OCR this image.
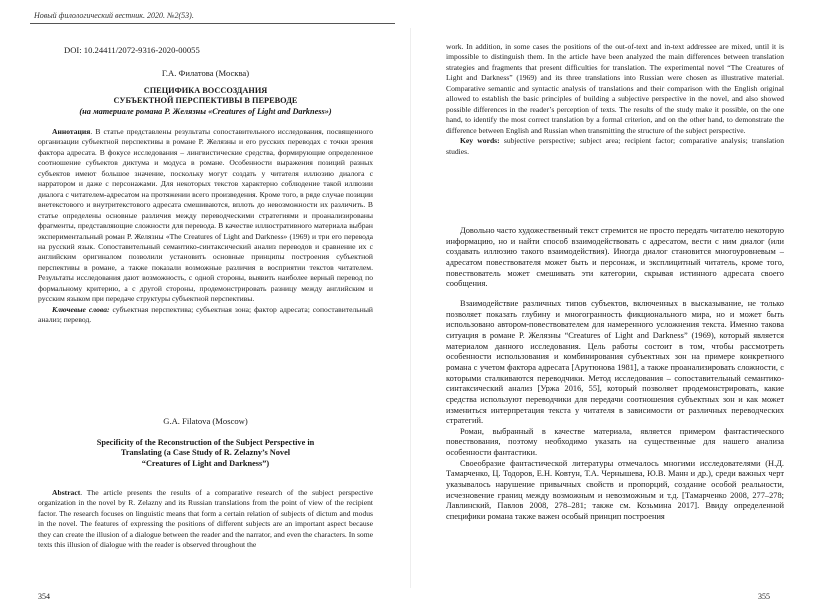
Новый филологический вестник. 2020. №2(53).
DOI: 10.24411/2072-9316-2020-00055
Г.А. Филатова (Москва)
СПЕЦИФИКА ВОССОЗДАНИЯ
СУБЪЕКТНОЙ ПЕРСПЕКТИВЫ В ПЕРЕВОДЕ
(на материале романа Р. Желязны «Creatures of Light and Darkness»)

Аннотация. В статье представлены результаты сопоставительного исследования, посвященного организации субъектной перспективы в романе Р. Желязны и его русских переводах с точки зрения фактора адресата. В фокусе исследования – лингвистические средства, формирующие определенное соотношение субъектов диктума и модуса в романе. Особенности выражения позиций разных субъектов имеют большое значение, поскольку могут создать у читателя иллюзию диалога с нарратором и даже с персонажами. Для некоторых текстов характерно соблюдение такой иллюзии диалога с читателем-адресатом на протяжении всего произведения. Кроме того, в ряде случае позиции внетекстового и внутритекстового адресата смешиваются, вплоть до невозможности их различить. В статье определены основные различия между переводческими стратегиями и проанализированы фрагменты, представляющие сложности для перевода. В качестве иллюстративного материала выбран экспериментальный роман Р. Желязны «The Creatures of Light and Darkness» (1969) и три его перевода на русский язык. Сопоставительный семантико-синтаксический анализ переводов и сравнение их с английским оригиналом позволили установить основные принципы построения субъектной перспективы в романе, а также показали возможные различия в восприятии текстов читателем. Результаты исследования дают возможность, с одной стороны, выявить наиболее верный перевод по формальному критерию, а с другой стороны, продемонстрировать разницу между английским и русским языком при передаче структуры субъектной перспективы.

Ключевые слова: субъектная перспектива; субъектная зона; фактор адресата; сопоставительный анализ; перевод.

G.A. Filatova (Moscow)
Specificity of the Reconstruction of the Subject Perspective in
Translating (a Case Study of R. Zelazny’s Novel
“Creatures of Light and Darkness”)

Abstract. The article presents the results of a comparative research of the subject perspective organization in the novel by R. Zelazny and its Russian translations from the point of view of the recipient factor. The research focuses on linguistic means that form a certain relation of subjects of dictum and modus in the novel. The features of expressing the positions of different subjects are an important aspect because they can create the illusion of a dialogue between the reader and the narrator, and even the characters. In some texts this illusion of dialogue with the reader is observed throughout the

354

work. In addition, in some cases the positions of the out-of-text and in-text addressee are mixed, until it is impossible to distinguish them. In the article have been analyzed the main differences between translation strategies and fragments that present difficulties for translation. The experimental novel “The Creatures of Light and Darkness” (1969) and its three translations into Russian were chosen as illustrative material. Comparative semantic and syntactic analysis of translations and their comparison with the English original allowed to establish the basic principles of building a subjective perspective in the novel, and also showed possible differences in the reader’s perception of texts. The results of the study make it possible, on the one hand, to identify the most correct translation by a formal criterion, and on the other hand, to demonstrate the difference between English and Russian when transmitting the structure of the subject perspective.

Key words: subjective perspective; subject area; recipient factor; comparative analysis; translation studies.

Довольно часто художественный текст стремится не просто передать читателю некоторую информацию, но и найти способ взаимодействовать с адресатом, вести с ним диалог (или создавать иллюзию такого взаимодействия). Иногда диалог становится многоуровневым – адресатом повествователя может быть и персонаж, и эксплицитный читатель, кроме того, повествователь может смешивать эти категории, скрывая истинного адресата своего сообщения.

Взаимодействие различных типов субъектов, включенных в высказывание, не только позволяет показать глубину и многогранность фикционального мира, но и может быть использовано автором-повествователем для намеренного усложнения текста. Именно такова ситуация в романе Р. Желязны “Creatures of Light and Darkness” (1969), который является материалом данного исследования. Цель работы состоит в том, чтобы рассмотреть особенности использования и комбинирования субъектных зон на примере конкретного романа с учетом фактора адресата [Арутюнова 1981], а также проанализировать сложности, с которыми сталкиваются переводчики. Метод исследования – сопоставительный семантико-синтаксический анализ [Уржа 2016, 55], который позволяет продемонстрировать, какие средства используют переводчики для передачи соотношения субъектных зон и как может измениться интерпретация текста у читателя в зависимости от различных переводческих стратегий.

Роман, выбранный в качестве материала, является примером фантастического повествования, поэтому необходимо указать на существенные для нашего анализа особенности фантастики.

Своеобразие фантастической литературы отмечалось многими исследователями (Н.Д. Тамарченко, Ц. Тодоров, Е.Н. Ковтун, Т.А. Чернышева, Ю.В. Манн и др.), среди важных черт указывалось нарушение привычных свойств и пропорций, создание особой реальности, исчезновение границ между возможным и невозможным и т.д. [Тамарченко 2008, 277–278; Лавлинский, Павлов 2008, 278–281; также см. Козьмина 2017]. Ввиду определенной специфики романа также важен особый принцип построения

355
